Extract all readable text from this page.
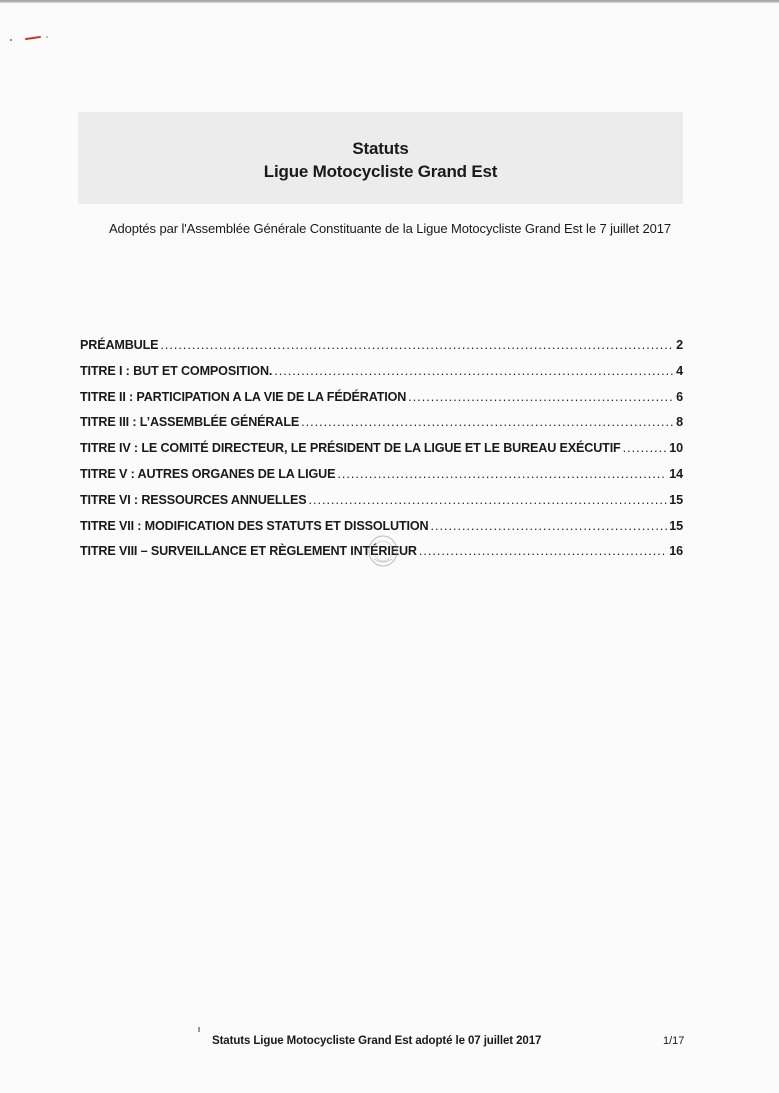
Statuts
Ligue Motocycliste Grand Est
Adoptés par l'Assemblée Générale Constituante de la Ligue Motocycliste Grand Est le 7 juillet 2017
PRÉAMBULE .....	2
TITRE I : BUT ET COMPOSITION. .....	4
TITRE II : PARTICIPATION A LA VIE DE LA FÉDÉRATION .....	6
TITRE III : L’ASSEMBLÉE GÉNÉRALE .....	8
TITRE IV : LE COMITÉ DIRECTEUR, LE PRÉSIDENT DE LA LIGUE ET LE BUREAU EXÉCUTIF .....	10
TITRE V : AUTRES ORGANES DE LA LIGUE .....	14
TITRE VI : RESSOURCES ANNUELLES .....	15
TITRE VII : MODIFICATION DES STATUTS ET DISSOLUTION .....	15
TITRE VIII – SURVEILLANCE ET RÈGLEMENT INTÉRIEUR .....	16
Statuts Ligue Motocycliste Grand Est adopté le 07 juillet 2017	1/17
